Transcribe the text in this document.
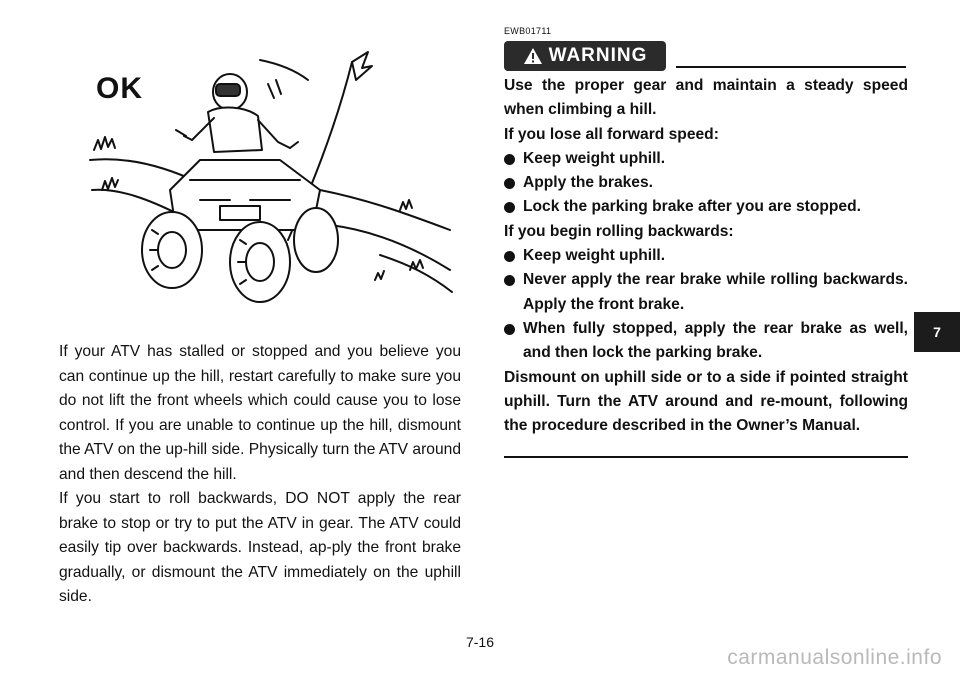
OK

If your ATV has stalled or stopped and you believe you can continue up the hill, restart carefully to make sure you do not lift the front wheels which could cause you to lose control. If you are unable to continue up the hill, dismount the ATV on the up-hill side. Physically turn the ATV around and then descend the hill.

If you start to roll backwards, DO NOT apply the rear brake to stop or try to put the ATV in gear. The ATV could easily tip over backwards. Instead, ap-ply the front brake gradually, or dismount the ATV immediately on the uphill side.

EWB01711
WARNING

Use the proper gear and maintain a steady speed when climbing a hill.

If you lose all forward speed:

Keep weight uphill.
Apply the brakes.
Lock the parking brake after you are stopped.

If you begin rolling backwards:

Keep weight uphill.
Never apply the rear brake while rolling backwards. Apply the front brake.
When fully stopped, apply the rear brake as well, and then lock the parking brake.

Dismount on uphill side or to a side if pointed straight uphill. Turn the ATV around and re-mount, following the procedure described in the Owner’s Manual.

7
7-16
carmanualsonline.info
